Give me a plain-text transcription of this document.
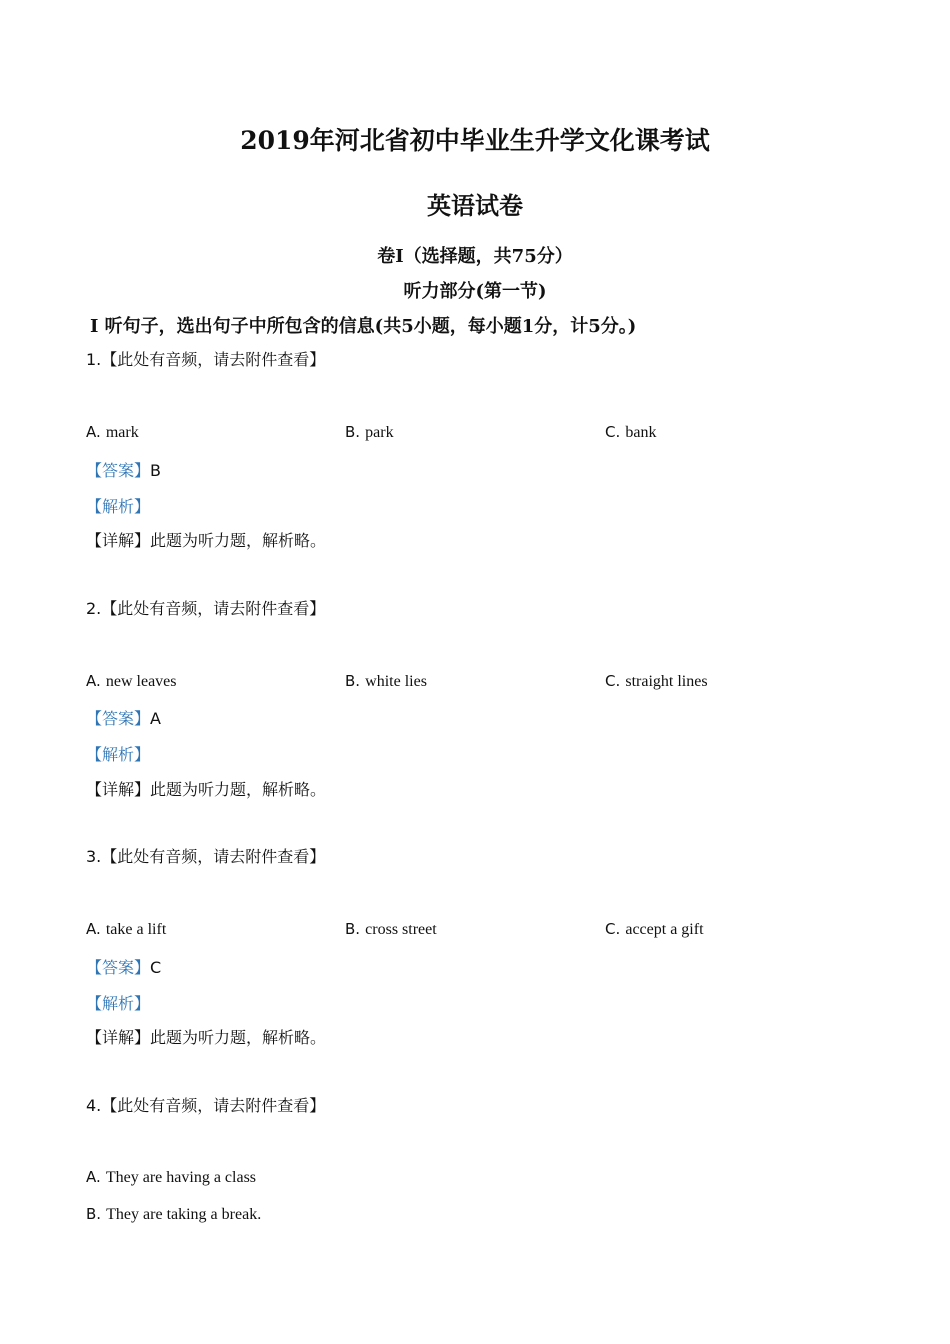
2019年河北省初中毕业生升学文化课考试
英语试卷
卷Ⅰ（选择题，共75分）
听力部分(第一节)
Ⅰ 听句子，选出句子中所包含的信息(共5小题，每小题1分，计5分。)
1.【此处有音频，请去附件查看】
A. mark	B. park	C. bank
【答案】B
【解析】
【详解】此题为听力题，解析略。
2.【此处有音频，请去附件查看】
A. new leaves	B. white lies	C. straight lines
【答案】A
【解析】
【详解】此题为听力题，解析略。
3.【此处有音频，请去附件查看】
A. take a lift	B. cross street	C. accept a gift
【答案】C
【解析】
【详解】此题为听力题，解析略。
4.【此处有音频，请去附件查看】
A. They are having a class
B. They are taking a break.
